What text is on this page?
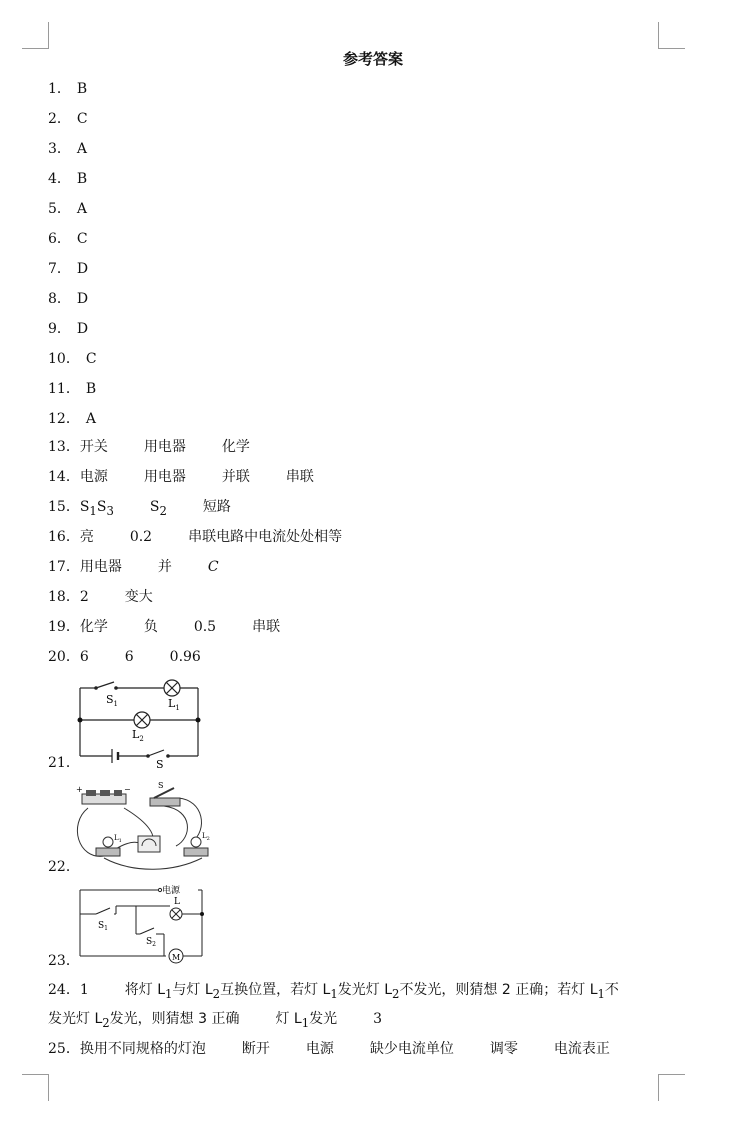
参考答案
1． B
2． C
3． A
4． B
5． A
6． C
7． D
8． D
9． D
10． C
11． B
12． A
13．开关	用电器	化学
14．电源	用电器	并联	串联
15．$S_1S_3$	$S_2$	短路
16．亮	0.2	串联电路中电流处处相等
17．用电器	并	C
18．2	变大
19．化学	负	0.5	串联
20．6	6	0.96
21．
$S_1$	$L_1$
$L_2$
S
22．
+	−	S
$L_1$
$L_2$
23．
电源
L
$S_1$
$S_2$
M
24．1	将灯 $L_1$与灯 $L_2$互换位置，若灯 $L_1$发光灯 $L_2$不发光，则猜想 2 正确；若灯 $L_1$不
发光灯 $L_2$发光，则猜想 3 正确	灯 $L_1$发光	3
25．换用不同规格的灯泡	断开	电源	缺少电流单位	调零	电流表正
